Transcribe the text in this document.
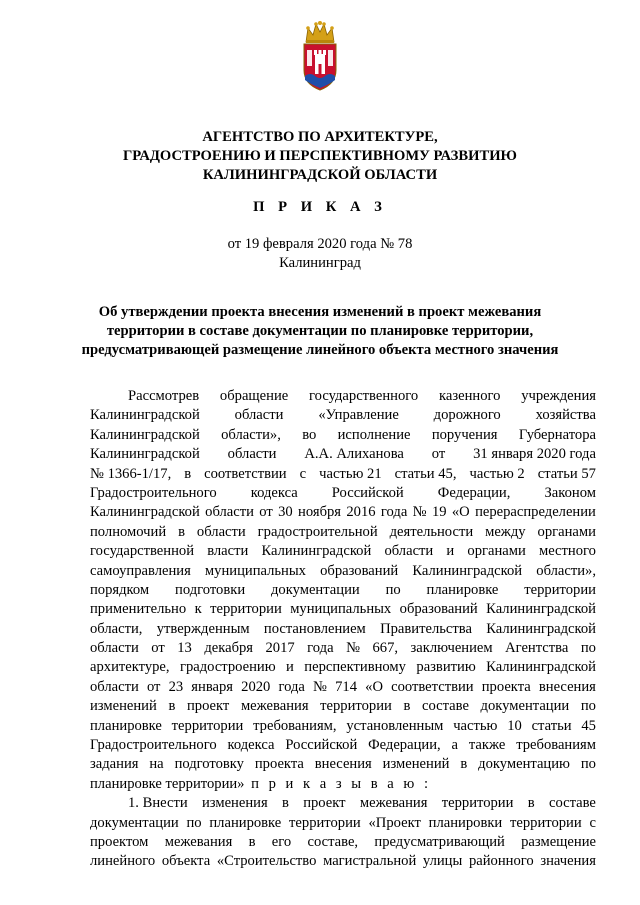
АГЕНТСТВО ПО АРХИТЕКТУРЕ,
ГРАДОСТРОЕНИЮ И ПЕРСПЕКТИВНОМУ РАЗВИТИЮ
КАЛИНИНГРАДСКОЙ ОБЛАСТИ
П Р И К А З
от 19 февраля 2020 года № 78
Калининград
Об утверждении проекта внесения изменений в проект межевания
территории в составе документации по планировке территории,
предусматривающей размещение линейного объекта местного значения
Рассмотрев обращение государственного казенного учреждения
Калининградской области «Управление дорожного хозяйства
Калининградской области», во исполнение поручения Губернатора
Калининградской области А.А. Алиханова от 31 января 2020 года
№ 1366-1/17, в соответствии с частью 21 статьи 45, частью 2 статьи 57
Градостроительного кодекса Российской Федерации, Законом
Калининградской области от 30 ноября 2016 года № 19 «О перераспределении
полномочий в области градостроительной деятельности между органами
государственной власти Калининградской области и органами местного
самоуправления муниципальных образований Калининградской области»,
порядком подготовки документации по планировке территории
применительно к территории муниципальных образований Калининградской
области, утвержденным постановлением Правительства Калининградской
области от 13 декабря 2017 года № 667, заключением Агентства по
архитектуре, градостроению и перспективному развитию Калининградской
области от 23 января 2020 года № 714 «О соответствии проекта внесения
изменений в проект межевания территории в составе документации по
планировке территории требованиям, установленным частью 10 статьи 45
Градостроительного кодекса Российской Федерации, а также требованиям
задания на подготовку проекта внесения изменений в документацию по
планировке территории» п р и к а з ы в а ю :
1. Внести изменения в проект межевания территории в составе
документации по планировке территории «Проект планировки территории с
проектом межевания в его составе, предусматривающий размещение
линейного объекта «Строительство магистральной улицы районного значения
